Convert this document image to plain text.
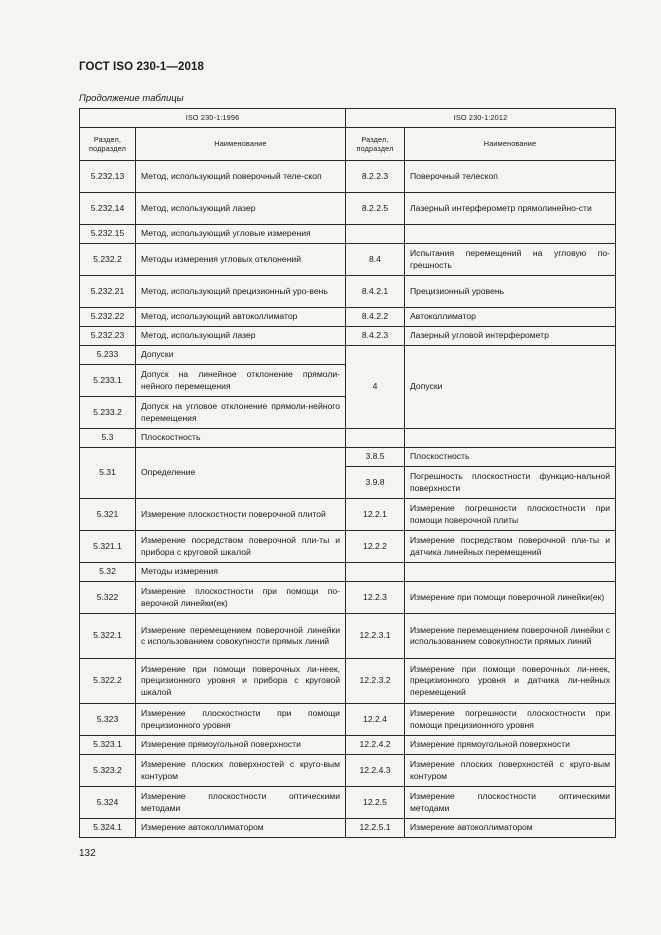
ГОСТ ISO 230-1—2018
Продолжение таблицы
ISO 230-1:1996		ISO 230-1:2012	
Раздел, подраздел	Наименование	Раздел, подраздел	Наименование
5.232.13	Метод, использующий поверочный теле-скоп	8.2.2.3	Поверочный телескоп
5.232.14	Метод, использующий лазер	8.2.2.5	Лазерный интерферометр прямолинейно-сти
5.232.15	Метод, использующий угловые измерения		
5.232.2	Методы измерения угловых отклонений	8.4	Испытания перемещений на угловую по-грешность
5.232.21	Метод, использующий прецизионный уро-вень	8.4.2.1	Прецизионный уровень
5.232.22	Метод, использующий автоколлиматор	8.4.2.2	Автоколлиматор
5.232.23	Метод, использующий лазер	8.4.2.3	Лазерный угловой интерферометр
5.233	Допуски	4	Допуски
5.233.1	Допуск на линейное отклонение прямоли-нейного перемещения		
5.233.2	Допуск на угловое отклонение прямоли-нейного перемещения		
5.3	Плоскостность		
5.31	Определение	3.8.5	Плоскостность
		3.9.8	Погрешность плоскостности функцио-нальной поверхности
5.321	Измерение плоскостности поверочной плитой	12.2.1	Измерение погрешности плоскостности при помощи поверочной плиты
5.321.1	Измерение посредством поверочной пли-ты и прибора с круговой шкалой	12.2.2	Измерение посредством поверочной пли-ты и датчика линейных перемещений
5.32	Методы измерения		
5.322	Измерение плоскостности при помощи по-верочной линейки(ек)	12.2.3	Измерение при помощи поверочной линейки(ек)
5.322.1	Измерение перемещением поверочной линейки с использованием совокупности прямых линий	12.2.3.1	Измерение перемещением поверочной линейки с использованием совокупности прямых линий
5.322.2	Измерение при помощи поверочных ли-неек, прецизионного уровня и прибора с круговой шкалой	12.2.3.2	Измерение при помощи поверочных ли-неек, прецизионного уровня и датчика ли-нейных перемещений
5.323	Измерение плоскостности при помощи прецизионного уровня	12.2.4	Измерение погрешности плоскостности при помощи прецизионного уровня
5.323.1	Измерение прямоугольной поверхности	12.2.4.2	Измерение прямоугольной поверхности
5.323.2	Измерение плоских поверхностей с круго-вым контуром	12.2.4.3	Измерение плоских поверхностей с круго-вым контуром
5.324	Измерение плоскостности оптическими методами	12.2.5	Измерение плоскостности оптическими методами
5.324.1	Измерение автоколлиматором	12.2.5.1	Измерение автоколлиматором
132
